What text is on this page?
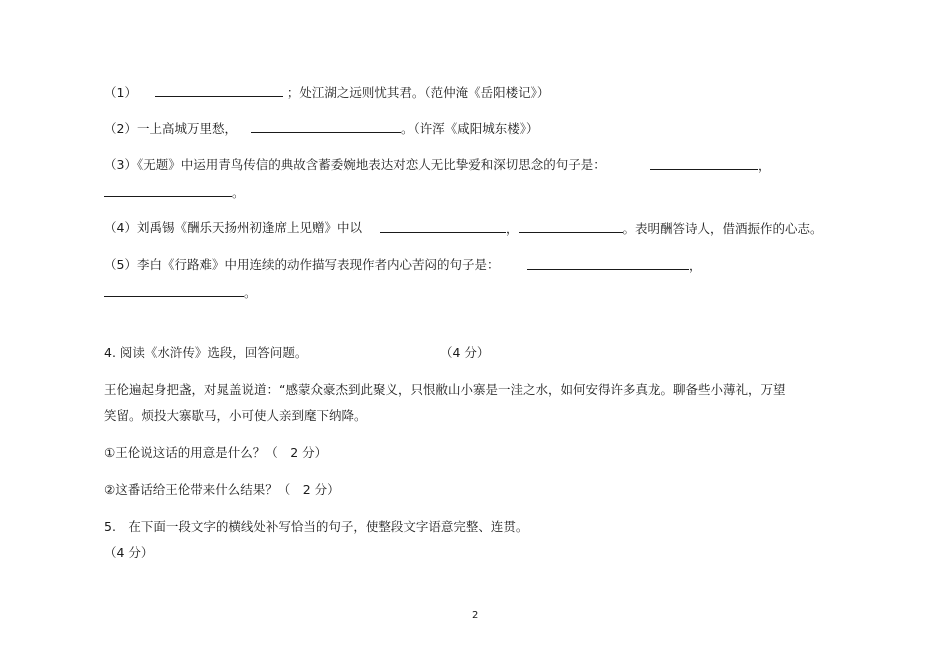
（1）	；处江湖之远则忧其君。（范仲淹《岳阳楼记》）
（2）一上高城万里愁，	。（许浑《咸阳城东楼》）
（3）《无题》中运用青鸟传信的典故含蓄委婉地表达对恋人无比挚爱和深切思念的句子是：	，
。
（4）刘禹锡《酬乐天扬州初逢席上见赠》中以	，	。表明酬答诗人，借酒振作的心志。
（5）李白《行路难》中用连续的动作描写表现作者内心苦闷的句子是：	，
。
4. 阅读《水浒传》选段，回答问题。	（4 分）
王伦遍起身把盏，对晁盖说道：“感蒙众豪杰到此聚义，只恨敝山小寨是一洼之水，如何安得许多真龙。聊备些小薄礼，万望
笑留。烦投大寨歇马，小可使人亲到麾下纳降。
①王伦说这话的用意是什么？（　2 分）
②这番话给王伦带来什么结果？（　2 分）
5.　在下面一段文字的横线处补写恰当的句子，使整段文字语意完整、连贯。
（4 分）
2
